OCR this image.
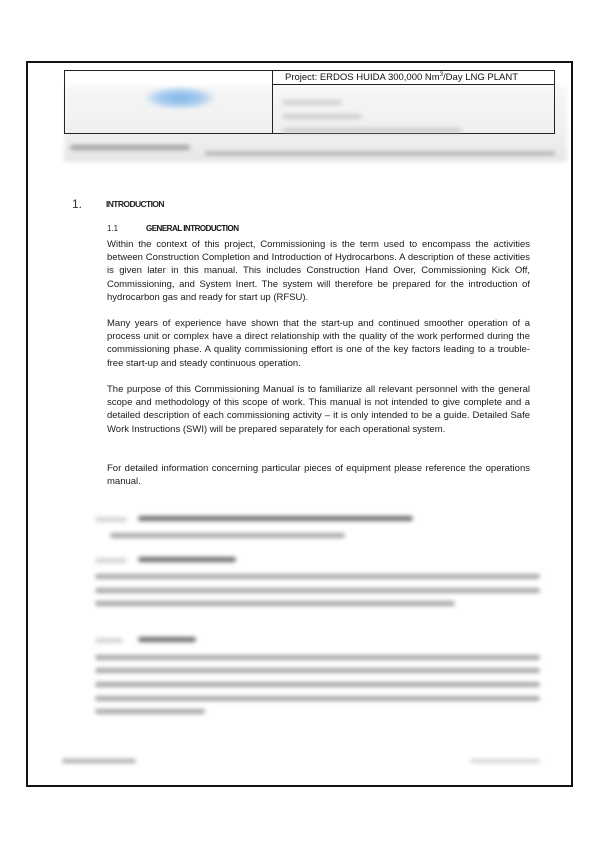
Project: ERDOS HUIDA 300,000 Nm$^3$/Day LNG PLANT
1.	INTRODUCTION
1.1	GENERAL INTRODUCTION

Within the context of this project, Commissioning is the term used to encompass the activities between Construction Completion and Introduction of Hydrocarbons. A description of these activities is given later in this manual. This includes Construction Hand Over, Commissioning Kick Off, Commissioning, and System Inert. The system will therefore be prepared for the introduction of hydrocarbon gas and ready for start up (RFSU).

Many years of experience have shown that the start-up and continued smoother operation of a process unit or complex have a direct relationship with the quality of the work performed during the commissioning phase. A quality commissioning effort is one of the key factors leading to a trouble-free start-up and steady continuous operation.

The purpose of this Commissioning Manual is to familiarize all relevant personnel with the general scope and methodology of this scope of work. This manual is not intended to give complete and a detailed description of each commissioning activity – it is only intended to be a guide. Detailed Safe Work Instructions (SWI) will be prepared separately for each operational system.

For detailed information concerning particular pieces of equipment please reference the operations manual.
